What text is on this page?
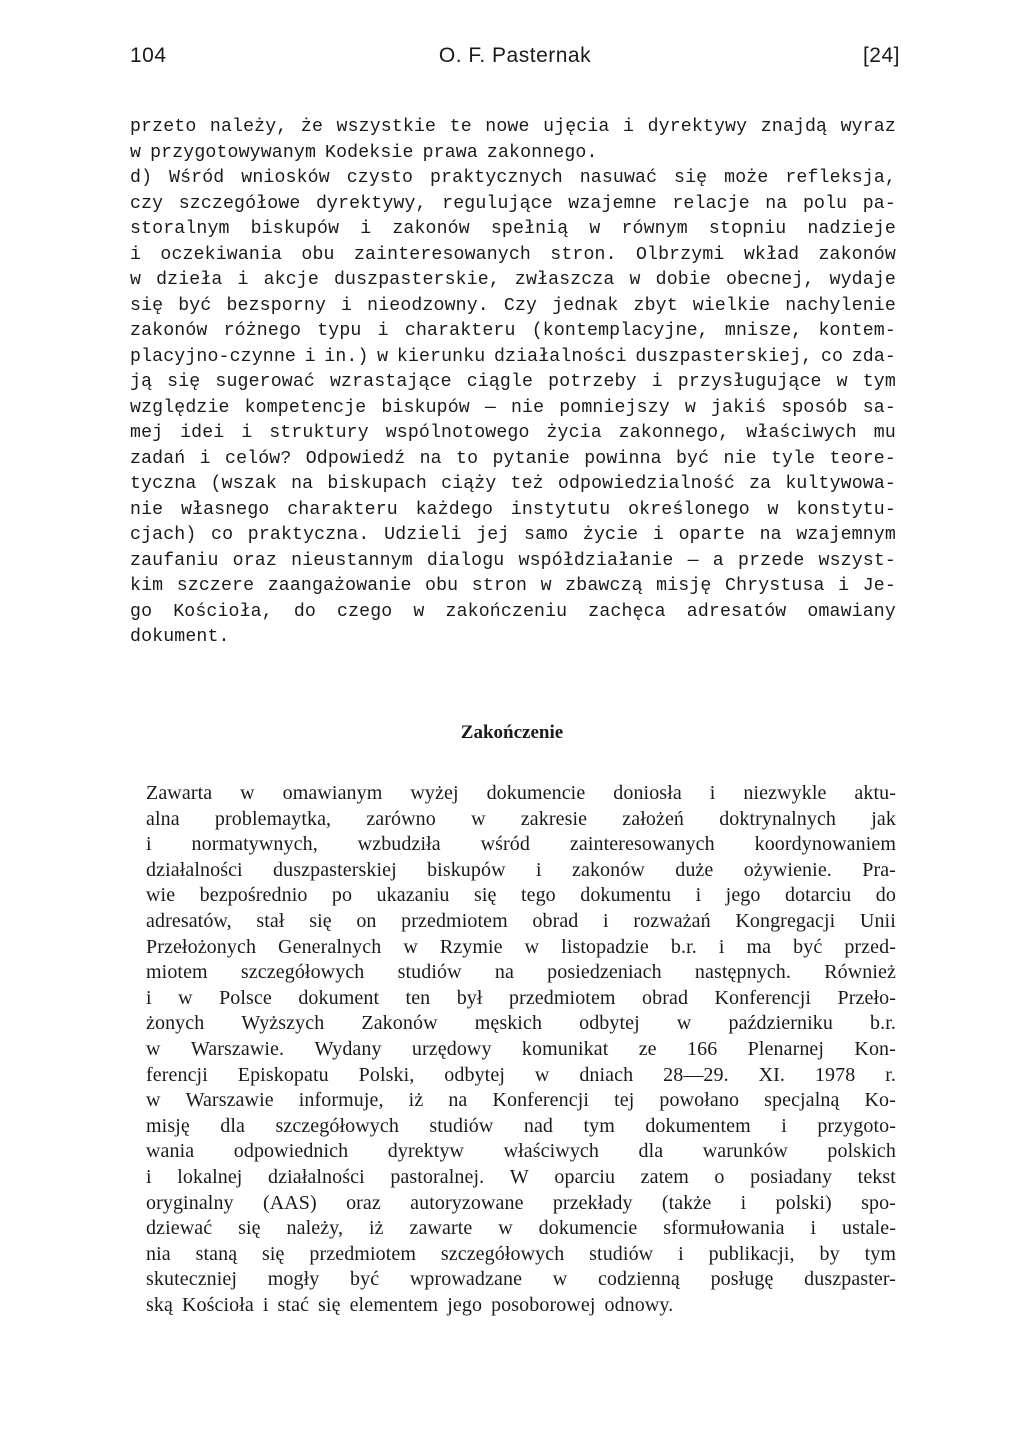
104	O. F. Pasternak	[24]
przeto należy, że wszystkie te nowe ujęcia i dyrektywy znajdą wyraz
w przygotowywanym Kodeksie prawa zakonnego.
d) Wśród wniosków czysto praktycznych nasuwać się może refleksja,
czy szczegółowe dyrektywy, regulujące wzajemne relacje na polu pa-
storalnym biskupów i zakonów spełnią w równym stopniu nadzieje
i oczekiwania obu zainteresowanych stron. Olbrzymi wkład zakonów
w dzieła i akcje duszpasterskie, zwłaszcza w dobie obecnej, wydaje
się być bezsporny i nieodzowny. Czy jednak zbyt wielkie nachylenie
zakonów różnego typu i charakteru (kontemplacyjne, mnisze, kontem-
placyjno-czynne i in.) w kierunku działalności duszpasterskiej, co zda-
ją się sugerować wzrastające ciągle potrzeby i przysługujące w tym
względzie kompetencje biskupów — nie pomniejszy w jakiś sposób sa-
mej idei i struktury wspólnotowego życia zakonnego, właściwych mu
zadań i celów? Odpowiedź na to pytanie powinna być nie tyle teore-
tyczna (wszak na biskupach ciąży też odpowiedzialność za kultywowa-
nie własnego charakteru każdego instytutu określonego w konstytu-
cjach) co praktyczna. Udzieli jej samo życie i oparte na wzajemnym
zaufaniu oraz nieustannym dialogu współdziałanie — a przede wszyst-
kim szczere zaangażowanie obu stron w zbawczą misję Chrystusa i Je-
go Kościoła, do czego w zakończeniu zachęca adresatów omawiany
dokument.
Zakończenie
Zawarta w omawianym wyżej dokumencie doniosła i niezwykle aktu-
alna problemaytka, zarówno w zakresie założeń doktrynalnych jak
i normatywnych, wzbudziła wśród zainteresowanych koordynowaniem
działalności duszpasterskiej biskupów i zakonów duże ożywienie. Pra-
wie bezpośrednio po ukazaniu się tego dokumentu i jego dotarciu do
adresatów, stał się on przedmiotem obrad i rozważań Kongregacji Unii
Przełożonych Generalnych w Rzymie w listopadzie b.r. i ma być przed-
miotem szczegółowych studiów na posiedzeniach następnych. Również
i w Polsce dokument ten był przedmiotem obrad Konferencji Przeło-
żonych Wyższych Zakonów męskich odbytej w październiku b.r.
w Warszawie. Wydany urzędowy komunikat ze 166 Plenarnej Kon-
ferencji Episkopatu Polski, odbytej w dniach 28—29. XI. 1978 r.
w Warszawie informuje, iż na Konferencji tej powołano specjalną Ko-
misję dla szczegółowych studiów nad tym dokumentem i przygoto-
wania odpowiednich dyrektyw właściwych dla warunków polskich
i lokalnej działalności pastoralnej. W oparciu zatem o posiadany tekst
oryginalny (AAS) oraz autoryzowane przekłady (także i polski) spo-
dziewać się należy, iż zawarte w dokumencie sformułowania i ustale-
nia staną się przedmiotem szczegółowych studiów i publikacji, by tym
skuteczniej mogły być wprowadzane w codzienną posługę duszpaster-
ską Kościoła i stać się elementem jego posoborowej odnowy.
